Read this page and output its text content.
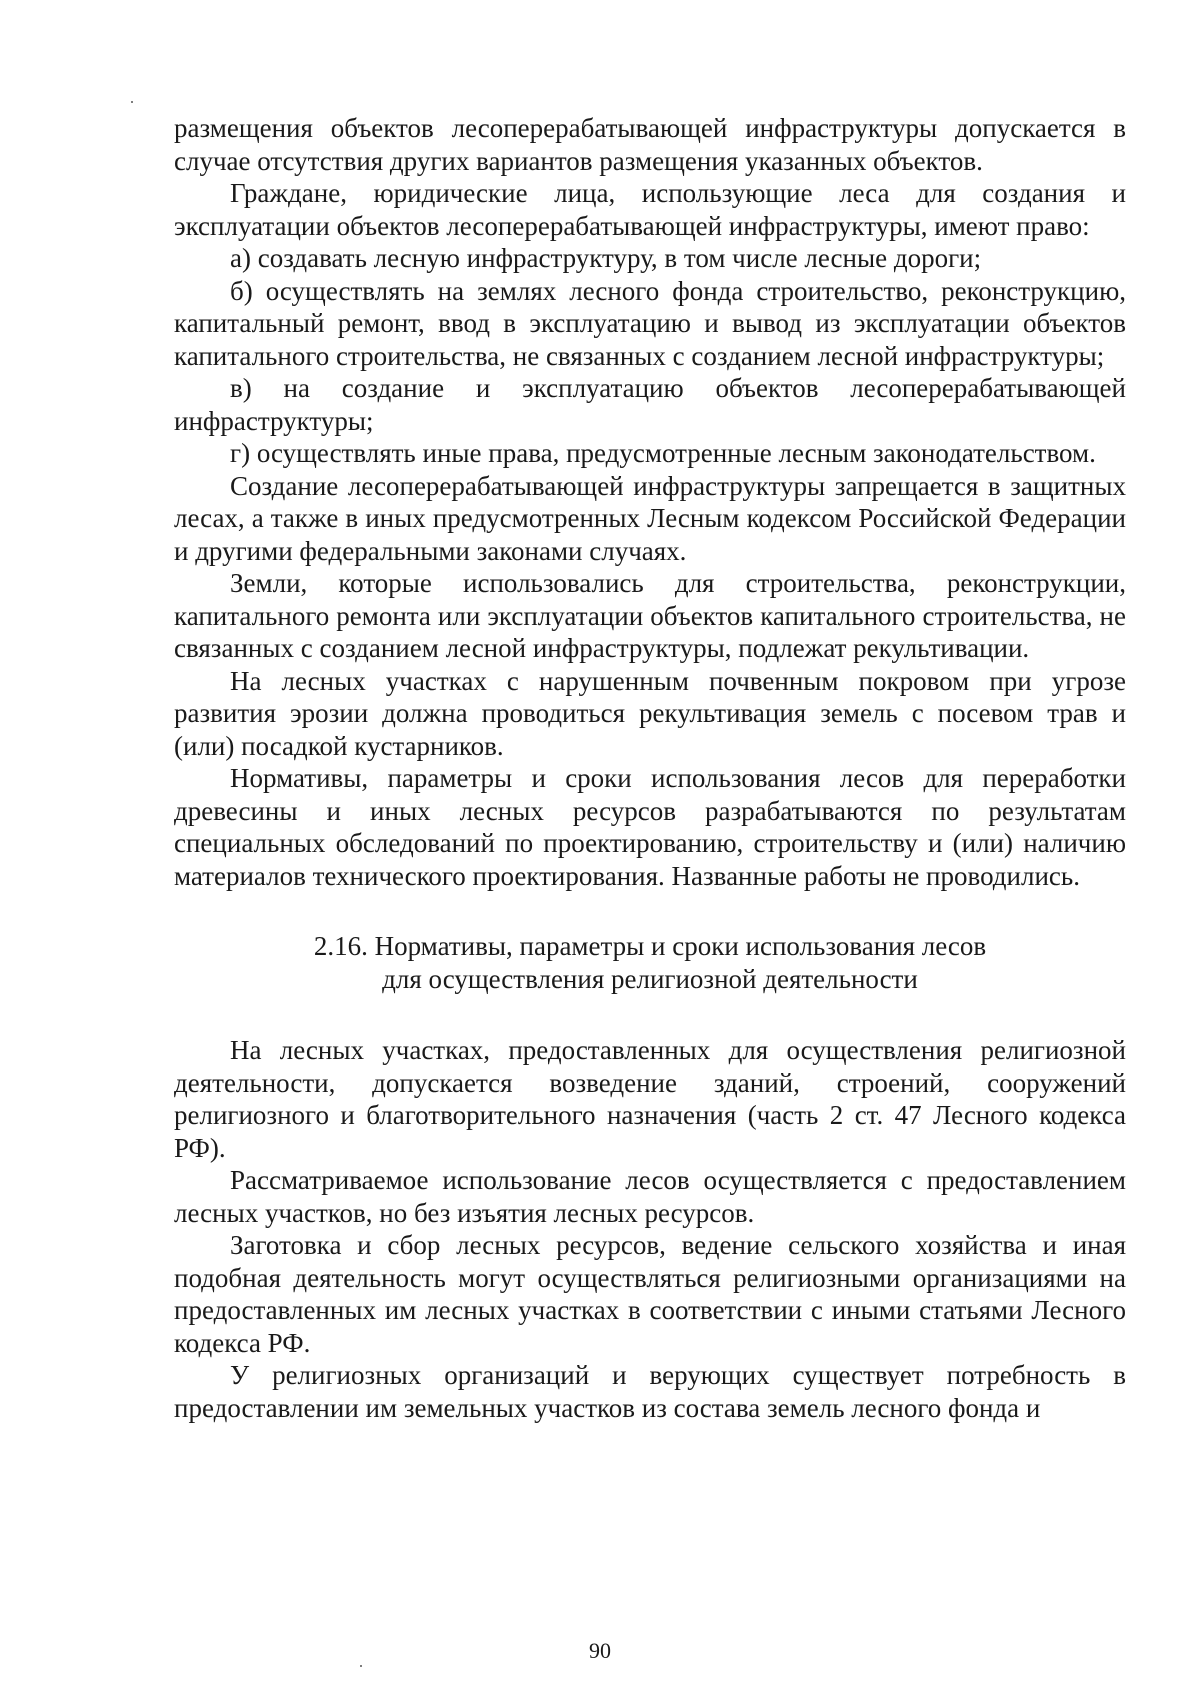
размещения объектов лесоперерабатывающей инфраструктуры допускается в случае отсутствия других вариантов размещения указанных объектов.

Граждане, юридические лица, использующие леса для создания и эксплуатации объектов лесоперерабатывающей инфраструктуры, имеют право:

а) создавать лесную инфраструктуру, в том числе лесные дороги;

б) осуществлять на землях лесного фонда строительство, реконструкцию, капитальный ремонт, ввод в эксплуатацию и вывод из эксплуатации объектов капитального строительства, не связанных с созданием лесной инфраструктуры;

в) на создание и эксплуатацию объектов лесоперерабатывающей инфраструктуры;

г) осуществлять иные права, предусмотренные лесным законодательством.

Создание лесоперерабатывающей инфраструктуры запрещается в защитных лесах, а также в иных предусмотренных Лесным кодексом Российской Федерации и другими федеральными законами случаях.

Земли, которые использовались для строительства, реконструкции, капитального ремонта или эксплуатации объектов капитального строительства, не связанных с созданием лесной инфраструктуры, подлежат рекультивации.

На лесных участках с нарушенным почвенным покровом при угрозе развития эрозии должна проводиться рекультивация земель с посевом трав и (или) посадкой кустарников.

Нормативы, параметры и сроки использования лесов для переработки древесины и иных лесных ресурсов разрабатываются по результатам специальных обследований по проектированию, строительству и (или) наличию материалов технического проектирования. Названные работы не проводились.

2.16. Нормативы, параметры и сроки использования лесов
для осуществления религиозной деятельности

На лесных участках, предоставленных для осуществления религиозной деятельности, допускается возведение зданий, строений, сооружений религиозного и благотворительного назначения (часть 2 ст. 47 Лесного кодекса РФ).

Рассматриваемое использование лесов осуществляется с предоставлением лесных участков, но без изъятия лесных ресурсов.

Заготовка и сбор лесных ресурсов, ведение сельского хозяйства и иная подобная деятельность могут осуществляться религиозными организациями на предоставленных им лесных участках в соответствии с иными статьями Лесного кодекса РФ.

У религиозных организаций и верующих существует потребность в предоставлении им земельных участков из состава земель лесного фонда и

90
